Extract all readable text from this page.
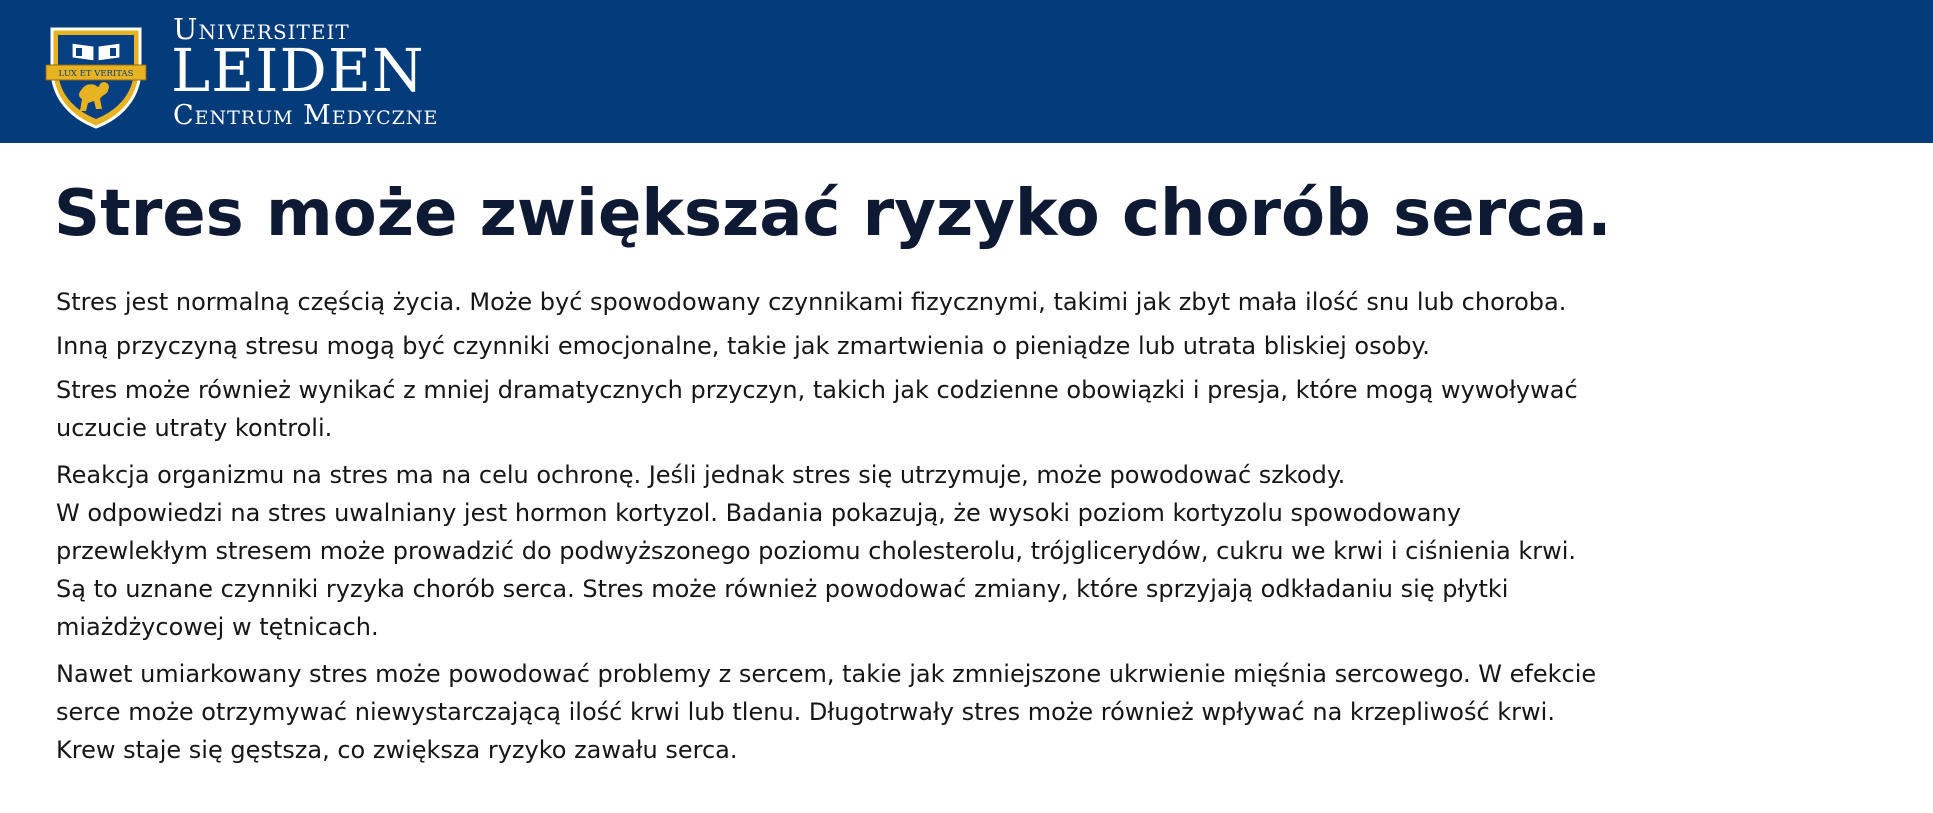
LUX ET VERITAS
Universiteit
LEIDEN
Centrum Medyczne
Stres może zwiększać ryzyko chorób serca.

Stres jest normalną częścią życia. Może być spowodowany czynnikami fizycznymi, takimi jak zbyt mała ilość snu lub choroba.

Inną przyczyną stresu mogą być czynniki emocjonalne, takie jak zmartwienia o pieniądze lub utrata bliskiej osoby.

Stres może również wynikać z mniej dramatycznych przyczyn, takich jak codzienne obowiązki i presja, które mogą wywoływać

uczucie utraty kontroli.

Reakcja organizmu na stres ma na celu ochronę. Jeśli jednak stres się utrzymuje, może powodować szkody.

W odpowiedzi na stres uwalniany jest hormon kortyzol. Badania pokazują, że wysoki poziom kortyzolu spowodowany

przewlekłym stresem może prowadzić do podwyższonego poziomu cholesterolu, trójglicerydów, cukru we krwi i ciśnienia krwi.

Są to uznane czynniki ryzyka chorób serca. Stres może również powodować zmiany, które sprzyjają odkładaniu się płytki

miażdżycowej w tętnicach.

Nawet umiarkowany stres może powodować problemy z sercem, takie jak zmniejszone ukrwienie mięśnia sercowego. W efekcie

serce może otrzymywać niewystarczającą ilość krwi lub tlenu. Długotrwały stres może również wpływać na krzepliwość krwi.

Krew staje się gęstsza, co zwiększa ryzyko zawału serca.
